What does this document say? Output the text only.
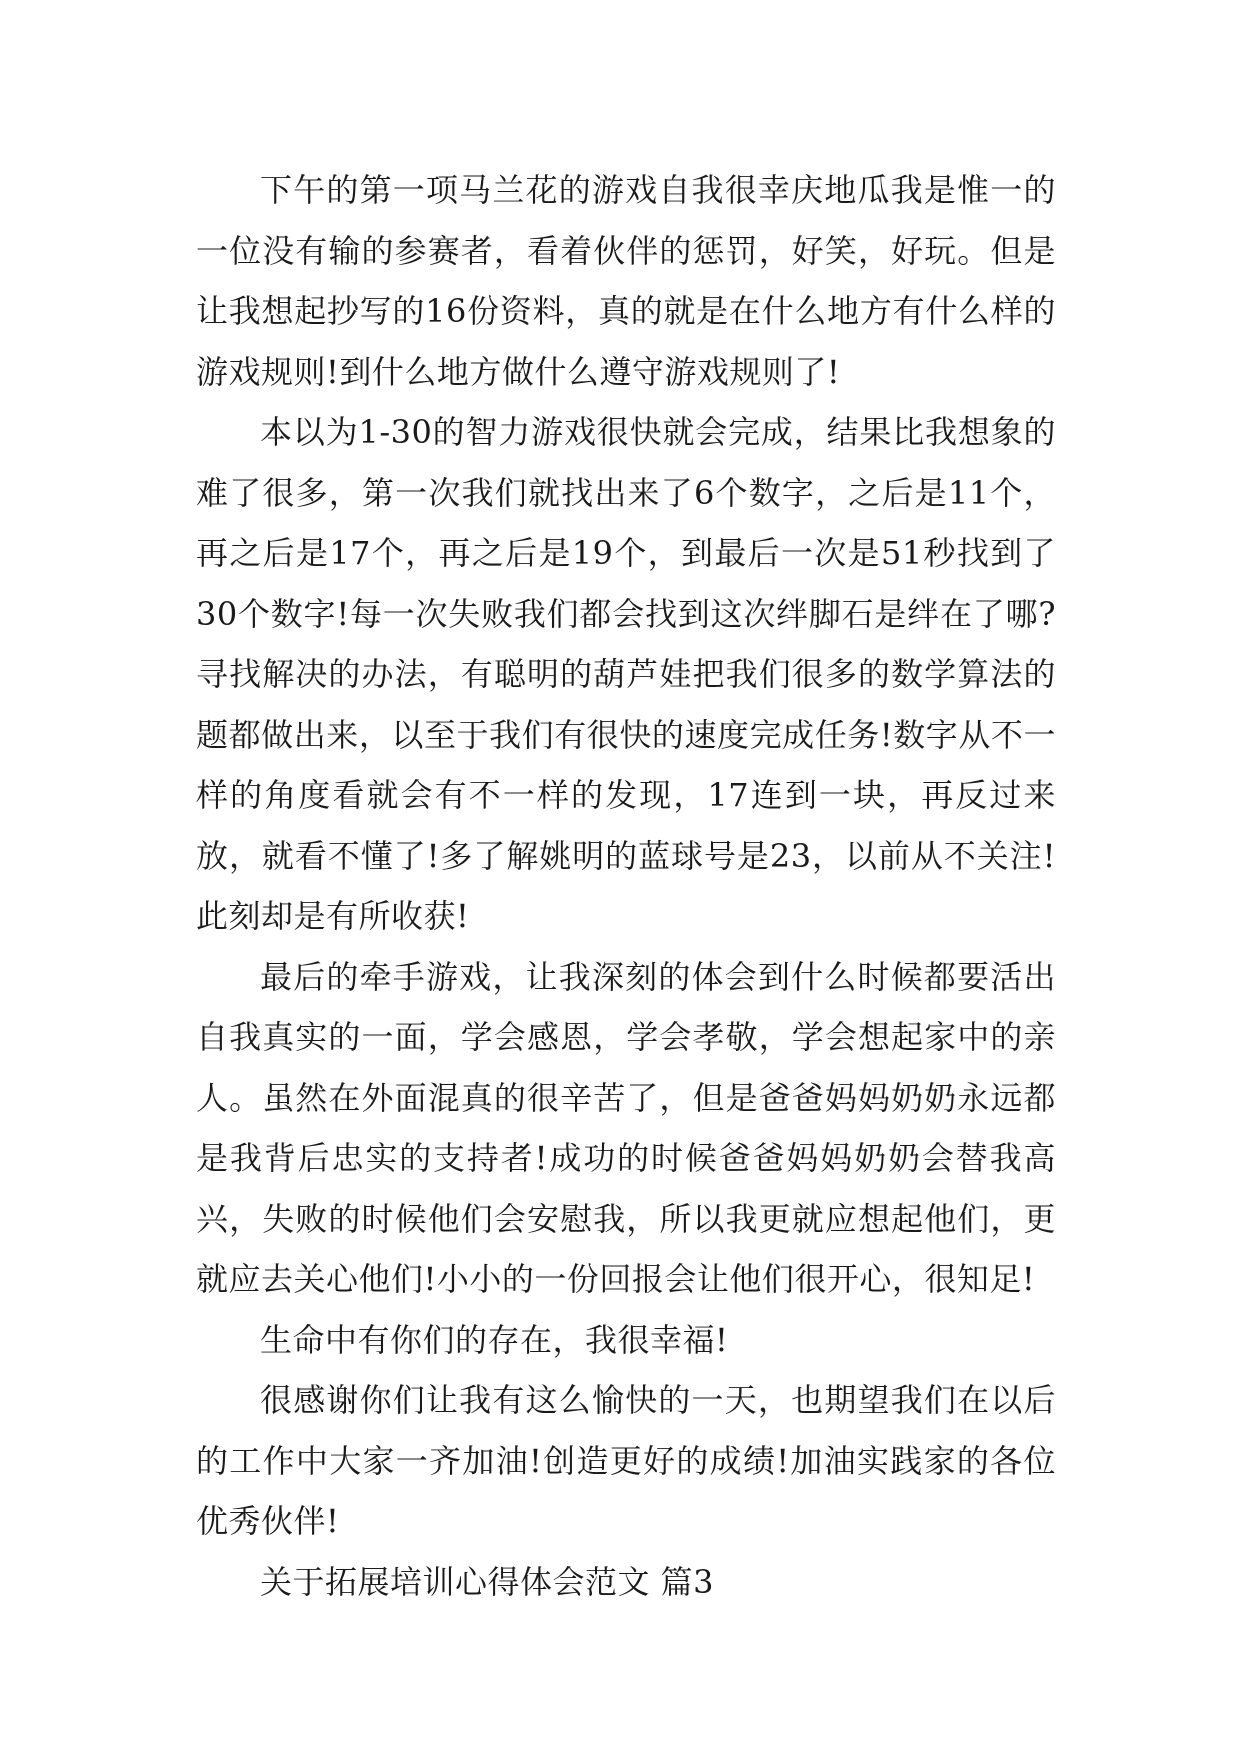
下午的第一项马兰花的游戏自我很幸庆地瓜我是惟一的一位没有输的参赛者，看着伙伴的惩罚，好笑，好玩。但是让我想起抄写的16份资料，真的就是在什么地方有什么样的游戏规则!到什么地方做什么遵守游戏规则了!

本以为1-30的智力游戏很快就会完成，结果比我想象的难了很多，第一次我们就找出来了6个数字，之后是11个，再之后是17个，再之后是19个，到最后一次是51秒找到了30个数字!每一次失败我们都会找到这次绊脚石是绊在了哪?寻找解决的办法，有聪明的葫芦娃把我们很多的数学算法的题都做出来，以至于我们有很快的速度完成任务!数字从不一样的角度看就会有不一样的发现，17连到一块，再反过来放，就看不懂了!多了解姚明的蓝球号是23，以前从不关注!此刻却是有所收获!

最后的牵手游戏，让我深刻的体会到什么时候都要活出自我真实的一面，学会感恩，学会孝敬，学会想起家中的亲人。虽然在外面混真的很辛苦了，但是爸爸妈妈奶奶永远都是我背后忠实的支持者!成功的时候爸爸妈妈奶奶会替我高兴，失败的时候他们会安慰我，所以我更就应想起他们，更就应去关心他们!小小的一份回报会让他们很开心，很知足!

生命中有你们的存在，我很幸福!

很感谢你们让我有这么愉快的一天，也期望我们在以后的工作中大家一齐加油!创造更好的成绩!加油实践家的各位优秀伙伴!

关于拓展培训心得体会范文 篇3
